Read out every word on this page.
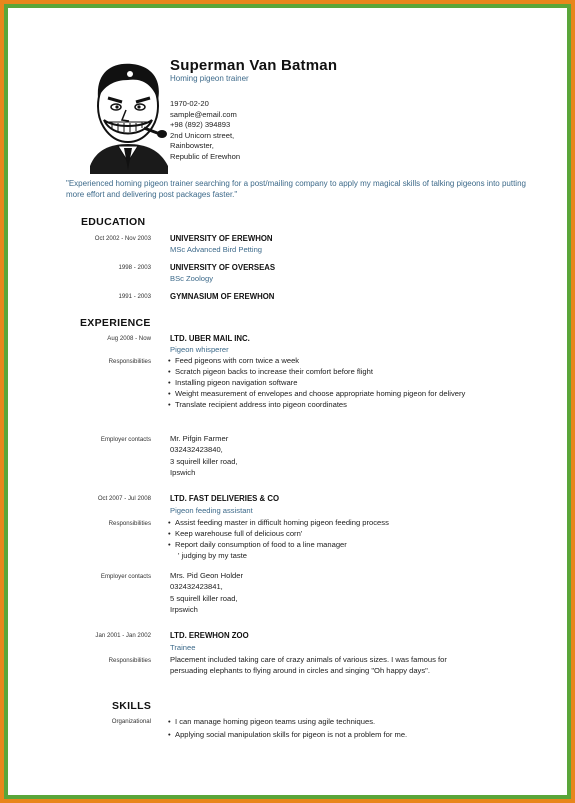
Superman Van Batman
Homing pigeon trainer
1970-02-20
sample@email.com
+98 (892) 394893
2nd Unicorn street,
Rainbowster,
Republic of Erewhon
"Experienced homing pigeon trainer searching for a post/mailing company to apply my magical skills of talking pigeons into putting more effort and delivering post packages faster."
EDUCATION
Oct 2002 - Nov 2003 UNIVERSITY OF EREWHON
MSc Advanced Bird Petting
1998 - 2003 UNIVERSITY OF OVERSEAS
BSc Zoology
1991 - 2003 GYMNASIUM OF EREWHON
EXPERIENCE
Aug 2008 - Now LTD. UBER MAIL INC.
Pigeon whisperer
Responsibilities • Feed pigeons with corn twice a week
• Scratch pigeon backs to increase their comfort before flight
• Installing pigeon navigation software
• Weight measurement of envelopes and choose appropriate homing pigeon for delivery
• Translate recipient address into pigeon coordinates
Employer contacts	Mr. Pifgin Farmer
032432423840,
3 squirell killer road,
Ipswich
Oct 2007 - Jul 2008 LTD. FAST DELIVERIES & CO
Pigeon feeding assistant
Responsibilities • Assist feeding master in difficult homing pigeon feeding process
• Keep warehouse full of delicious corn'
• Report daily consumption of food to a line manager
' judging by my taste
Employer contacts	Mrs. Pid Geon Holder
032432423841,
5 squirell killer road,
Irpswich
Jan 2001 - Jan 2002 LTD. EREWHON ZOO
Trainee
Responsibilities	Placement included taking care of crazy animals of various sizes. I was famous for
persuading elephants to flying around in circles and singing "Oh happy days".
SKILLS
Organizational • I can manage homing pigeon teams using agile techniques.
• Applying social manipulation skills for pigeon is not a problem for me.
